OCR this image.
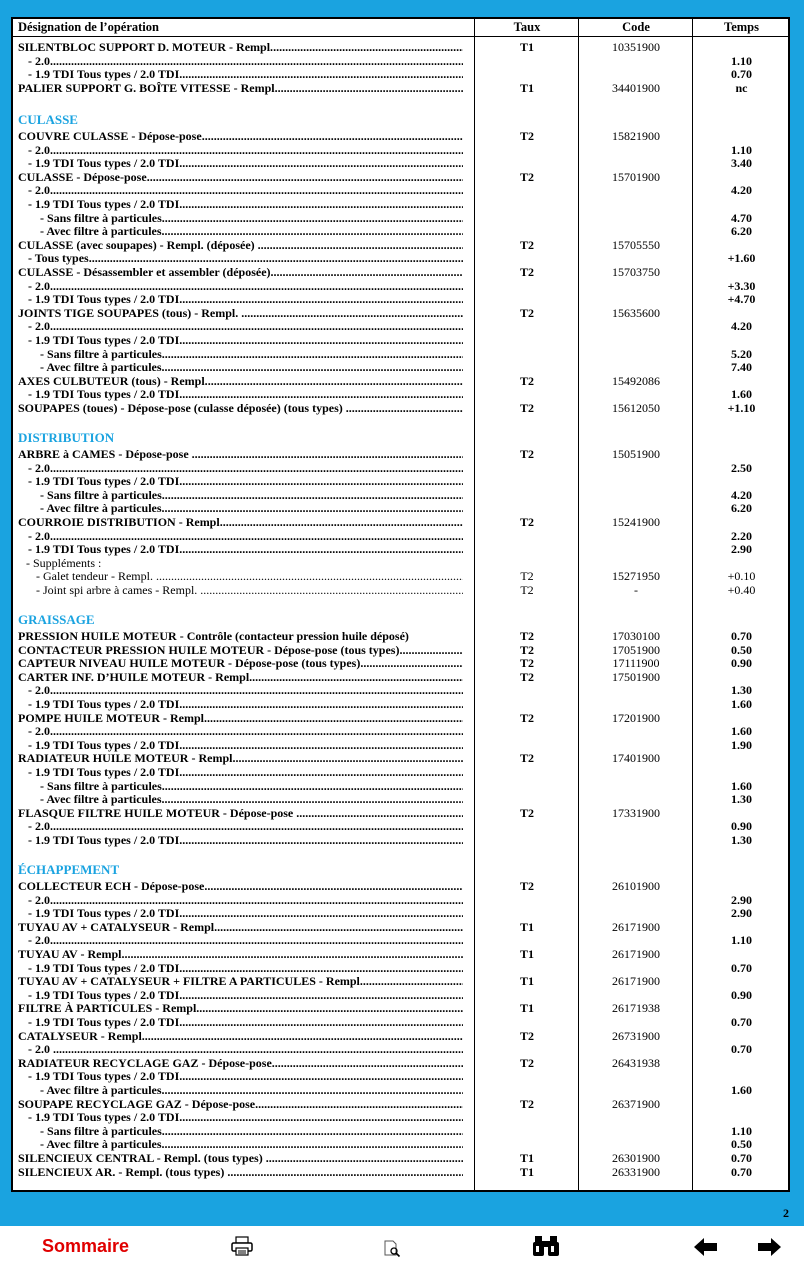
Désignation de l’opération	Taux	Code	Temps
SILENTBLOC SUPPORT D. MOTEUR - Rempl. .....	T1	10351900
- 2.0 .....	1.10
- 1.9 TDI Tous types / 2.0 TDI .....	0.70
PALIER SUPPORT G. BOÎTE VITESSE - Rempl. .....	T1	34401900	nc
CULASSE
COUVRE CULASSE - Dépose-pose .....	T2	15821900
- 2.0 .....	1.10
- 1.9 TDI Tous types / 2.0 TDI .....	3.40
CULASSE - Dépose-pose .....	T2	15701900
- 2.0 .....	4.20
- 1.9 TDI Tous types / 2.0 TDI .....
- Sans filtre à particules .....	4.70
- Avec filtre à particules .....	6.20
CULASSE (avec soupapes) - Rempl. (déposée) .....	T2	15705550
- Tous types .....	+1.60
CULASSE - Désassembler et assembler (déposée) .....	T2	15703750
- 2.0 .....	+3.30
- 1.9 TDI Tous types / 2.0 TDI .....	+4.70
JOINTS TIGE SOUPAPES (tous) - Rempl. .....	T2	15635600
- 2.0 .....	4.20
- 1.9 TDI Tous types / 2.0 TDI .....
- Sans filtre à particules .....	5.20
- Avec filtre à particules .....	7.40
AXES CULBUTEUR (tous) - Rempl. .....	T2	15492086
- 1.9 TDI Tous types / 2.0 TDI .....	1.60
SOUPAPES (toues) - Dépose-pose (culasse déposée) (tous types) .....	T2	15612050	+1.10
DISTRIBUTION
ARBRE à CAMES - Dépose-pose .....	T2	15051900
- 2.0 .....	2.50
- 1.9 TDI Tous types / 2.0 TDI .....
- Sans filtre à particules .....	4.20
- Avec filtre à particules .....	6.20
COURROIE DISTRIBUTION - Rempl. .....	T2	15241900
- 2.0 .....	2.20
- 1.9 TDI Tous types / 2.0 TDI .....	2.90
- Suppléments :
- Galet tendeur - Rempl. .....	T2	15271950	+0.10
- Joint spi arbre à cames - Rempl. .....	T2	-	+0.40
GRAISSAGE
PRESSION HUILE MOTEUR - Contrôle (contacteur pression huile déposé)	T2	17030100	0.70
CONTACTEUR PRESSION HUILE MOTEUR - Dépose-pose (tous types) .....	T2	17051900	0.50
CAPTEUR NIVEAU HUILE MOTEUR - Dépose-pose (tous types) .....	T2	17111900	0.90
CARTER INF. D’HUILE MOTEUR - Rempl. .....	T2	17501900
- 2.0 .....	1.30
- 1.9 TDI Tous types / 2.0 TDI .....	1.60
POMPE HUILE MOTEUR - Rempl. .....	T2	17201900
- 2.0 .....	1.60
- 1.9 TDI Tous types / 2.0 TDI .....	1.90
RADIATEUR HUILE MOTEUR - Rempl. .....	T2	17401900
- 1.9 TDI Tous types / 2.0 TDI .....
- Sans filtre à particules .....	1.60
- Avec filtre à particules .....	1.30
FLASQUE FILTRE HUILE MOTEUR - Dépose-pose .....	T2	17331900
- 2.0 .....	0.90
- 1.9 TDI Tous types / 2.0 TDI .....	1.30
ÉCHAPPEMENT
COLLECTEUR ECH - Dépose-pose .....	T2	26101900
- 2.0 .....	2.90
- 1.9 TDI Tous types / 2.0 TDI .....	2.90
TUYAU AV + CATALYSEUR - Rempl .....	T1	26171900
- 2.0 .....	1.10
TUYAU AV - Rempl .....	T1	26171900
- 1.9 TDI Tous types / 2.0 TDI .....	0.70
TUYAU AV + CATALYSEUR + FILTRE A PARTICULES - Rempl .....	T1	26171900
- 1.9 TDI Tous types / 2.0 TDI .....	0.90
FILTRE À PARTICULES - Rempl. .....	T1	26171938
- 1.9 TDI Tous types / 2.0 TDI .....	0.70
CATALYSEUR - Rempl .....	T2	26731900
- 2.0 .....	0.70
RADIATEUR RECYCLAGE GAZ - Dépose-pose .....	T2	26431938
- 1.9 TDI Tous types / 2.0 TDI .....
- Avec filtre à particules .....	1.60
SOUPAPE RECYCLAGE GAZ - Dépose-pose .....	T2	26371900
- 1.9 TDI Tous types / 2.0 TDI .....
- Sans filtre à particules .....	1.10
- Avec filtre à particules .....	0.50
SILENCIEUX CENTRAL - Rempl. (tous types) .....	T1	26301900	0.70
SILENCIEUX AR. - Rempl. (tous types) .....	T1	26331900	0.70
2
Sommaire
